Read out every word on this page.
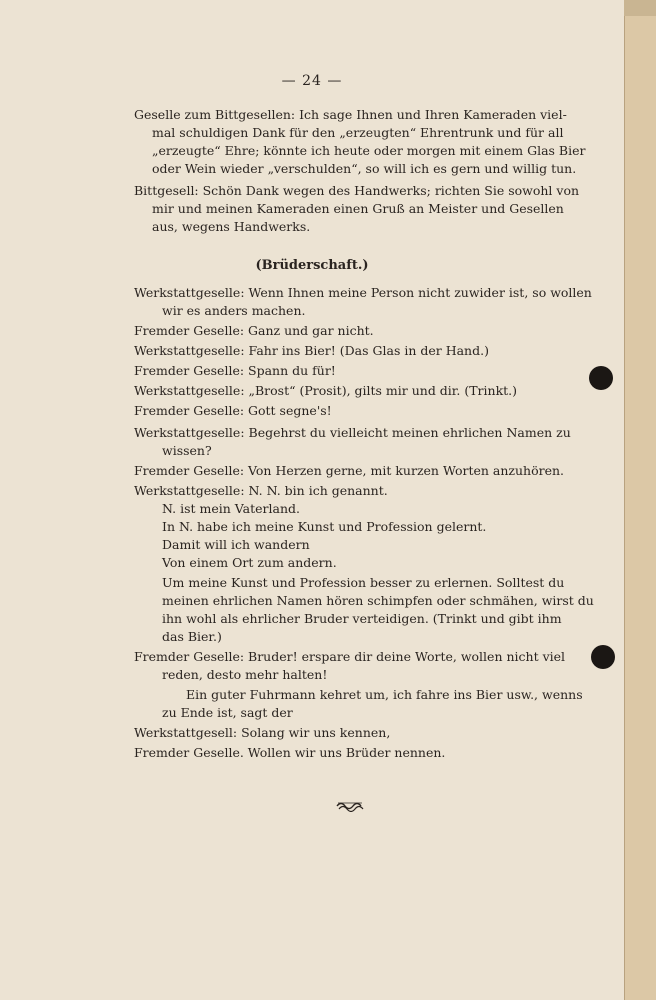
— 24 —
Geselle zum Bittgesellen: Ich sage Ihnen und Ihren Kameraden viel-
mal schuldigen Dank für den „erzeugten“ Ehrentrunk und für all
„erzeugte“ Ehre; könnte ich heute oder morgen mit einem Glas Bier
oder Wein wieder „verschulden“, so will ich es gern und willig tun.
Bittgesell: Schön Dank wegen des Handwerks; richten Sie sowohl von
mir und meinen Kameraden einen Gruß an Meister und Gesellen
aus, wegens Handwerks.
(Brüderschaft.)
Werkstattgeselle: Wenn Ihnen meine Person nicht zuwider ist, so wollen
wir es anders machen.
Fremder Geselle: Ganz und gar nicht.
Werkstattgeselle: Fahr ins Bier! (Das Glas in der Hand.)
Fremder Geselle: Spann du für!
Werkstattgeselle: „Brost“ (Prosit), gilts mir und dir. (Trinkt.)
Fremder Geselle: Gott segne's!
Werkstattgeselle: Begehrst du vielleicht meinen ehrlichen Namen zu
wissen?
Fremder Geselle: Von Herzen gerne, mit kurzen Worten anzuhören.
Werkstattgeselle: N. N. bin ich genannt.
N. ist mein Vaterland.
In N. habe ich meine Kunst und Profession gelernt.
Damit will ich wandern
Von einem Ort zum andern.
Um meine Kunst und Profession besser zu erlernen. Solltest du
meinen ehrlichen Namen hören schimpfen oder schmähen, wirst du
ihn wohl als ehrlicher Bruder verteidigen. (Trinkt und gibt ihm
das Bier.)
Fremder Geselle: Bruder! erspare dir deine Worte, wollen nicht viel
reden, desto mehr halten!
Ein guter Fuhrmann kehret um, ich fahre ins Bier usw., wenns
zu Ende ist, sagt der
Werkstattgesell: Solang wir uns kennen,
Fremder Geselle. Wollen wir uns Brüder nennen.
